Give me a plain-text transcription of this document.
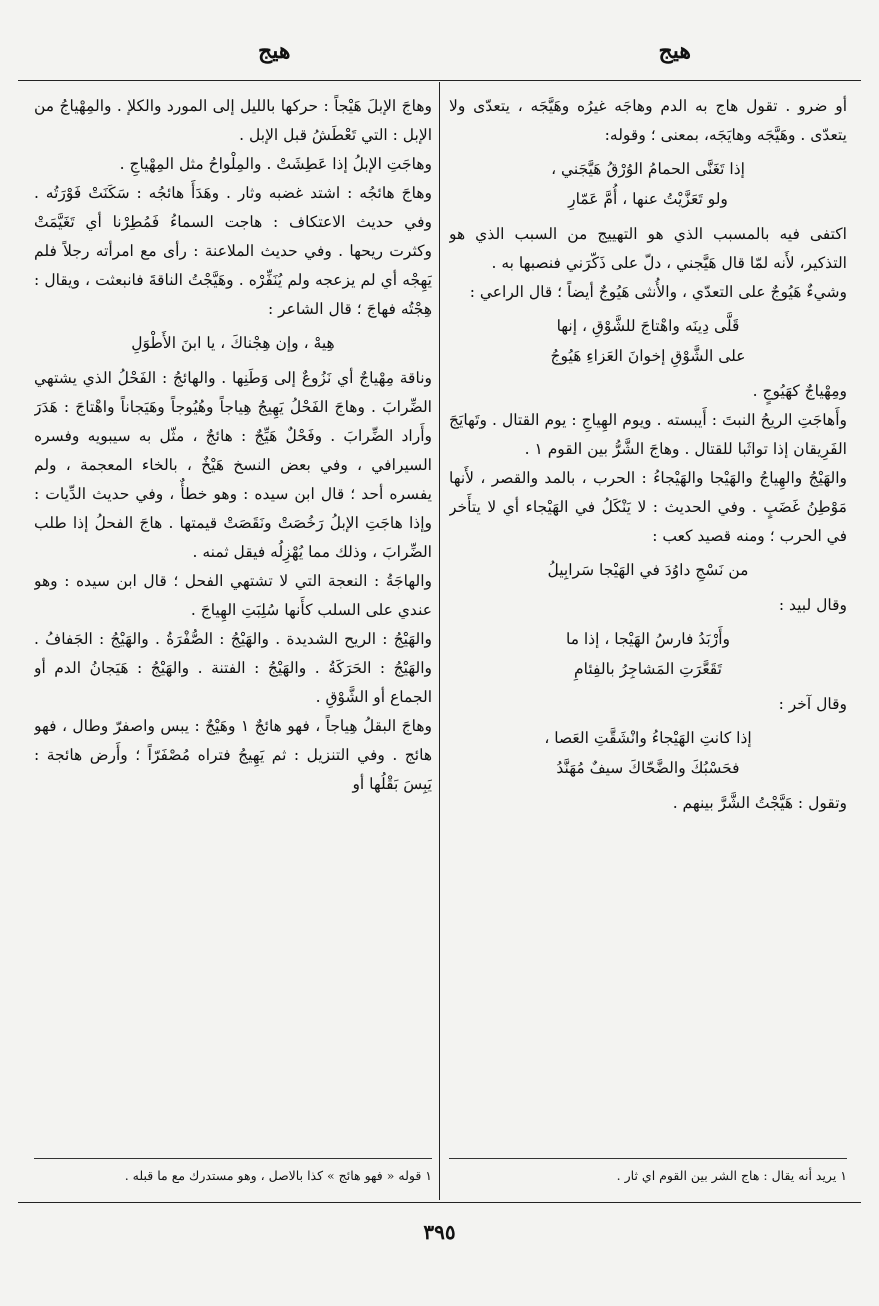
هيج
هيج

أو ضرو . تقول هاج به الدم وهاجَه غيرُه وهَيَّجَه ، يتعدّى ولا يتعدّى . وهَيَّجَه وهايَجَه، بمعنى ؛ وقوله:

إذا تَغَنَّى الحمامُ الوُرْقُ هَيَّجَني ،
ولو تَعَزَّيْتُ عنها ، أُمَّ عَمّارِ

اكتفى فيه بالمسبب الذي هو التهييج من السبب الذي هو التذكير، لأَنه لمّا قال هَيَّجني ، دلّ على ذَكّرَني فنصبها به .

وشيءٌ هَيُوجٌ على التعدّي ، والأُنثى هَيُوجٌ أيضاً ؛ قال الراعي :

قَلَّى دِينَه واهْتاجَ للشَّوْقِ ، إنها
على الشَّوْقِ إخوانَ العَزاءِ هَيُوجُ

ومِهْياجٌ كهَيُوجٍ .

وأَهاجَتِ الريحُ النبتَ : أَيبسته . ويوم الهِياجِ : يوم القتال . وتَهايَجَ الفَرِيقان إذا تواثَبا للقتال . وهاجَ الشَّرُّ بين القوم ١ .

والهَيْجُ والهِياجُ والهَيْجا والهَيْجاءُ : الحرب ، بالمد والقصر ، لأَنها مَوْطِنُ غَضَبٍ . وفي الحديث : لا يَنْكَلُ في الهَيْجاء أي لا يتأَخر في الحرب ؛ ومنه قصيد كعب :

من نَسْجِ داوُدَ في الهَيْجا سَرابِيلُ

وقال لبيد :

وأَرْبَدُ فارسُ الهَيْجا ، إذا ما
تَقَعَّرَتِ المَشاجِرُ بالفِئامِ

وقال آخر :

إذا كانتِ الهَيْجاءُ وانْشَقَّتِ العَصا ،
فحَسْبُكَ والضَّحّاكَ سيفٌ مُهَنَّدُ

وتقول : هَيَّجْتُ الشَّرَّ بينهم .

وهاجَ الإبلَ هَيْجاً : حركها بالليل إلى المورد والكلإ . والمِهْياجُ من الإبل : التي تَعْطَشُ قبل الإبل .

وهاجَتِ الإبلُ إذا عَطِشَتْ . والمِلْواحُ مثل المِهْياجِ .

وهاجَ هائجُه : اشتد غضبه وثار . وهَدَأَ هائجُه : سَكَنَتْ فَوْرَتُه . وفي حديث الاعتكاف : هاجت السماءُ فَمُطِرْنا أي تَغَيَّمَتْ وكثرت ريحها . وفي حديث الملاعنة : رأى مع امرأته رجلاً فلم يَهِجْه أي لم يزعجه ولم يُنَفِّرْه . وهَيَّجْتُ الناقةَ فانبعثت ، ويقال : هِجْتُه فهاجَ ؛ قال الشاعر :

هِيهْ ، وإن هِجْناكَ ، يا ابنَ الأَطْوَلِ

وناقة مِهْياجٌ أي نَزُوعٌ إلى وَطَنِها . والهائجُ : الفَحْلُ الذي يشتهي الضِّرابَ . وهاجَ الفَحْلُ يَهِيجُ هِياجاً وهُيُوجاً وهَيَجاناً واهْتاجَ : هَدَرَ وأَراد الضِّرابَ . وفَحْلٌ هَيِّجٌ : هائجٌ ، مثّل به سيبويه وفسره السيرافي ، وفي بعض النسخ هَيْخٌ ، بالخاء المعجمة ، ولم يفسره أحد ؛ قال ابن سيده : وهو خطأٌ ، وفي حديث الدِّيات : وإذا هاجَتِ الإبلُ رَخُصَتْ ونَقَصَتْ قيمتها . هاجَ الفحلُ إذا طلب الضِّرابَ ، وذلك مما يُهْزِلُه فيقل ثمنه .

والهاجَةُ : النعجة التي لا تشتهي الفحل ؛ قال ابن سيده : وهو عندي على السلب كأَنها سُلِبَتِ الهِياجَ .

والهَيْجُ : الريح الشديدة . والهَيْجُ : الصُّفْرَةُ . والهَيْجُ : الجَفافُ . والهَيْجُ : الحَرَكَةُ . والهَيْجُ : الفتنة . والهَيْجُ : هَيَجانُ الدم أو الجماع أو الشَّوْقِ .

وهاجَ البقلُ هِياجاً ، فهو هائجٌ ١ وهَيْجٌ : يبس واصفرّ وطال ، فهو هائج . وفي التنزيل : ثم يَهِيجُ فتراه مُصْفَرّاً ؛ وأَرض هائجة : يَبِسَ بَقْلُها أو

١ يريد أنه يقال : هاج الشر بين القوم اي ثار .
١ قوله « فهو هائج » كذا بالاصل ، وهو مستدرك مع ما قبله .
٣٩٥
